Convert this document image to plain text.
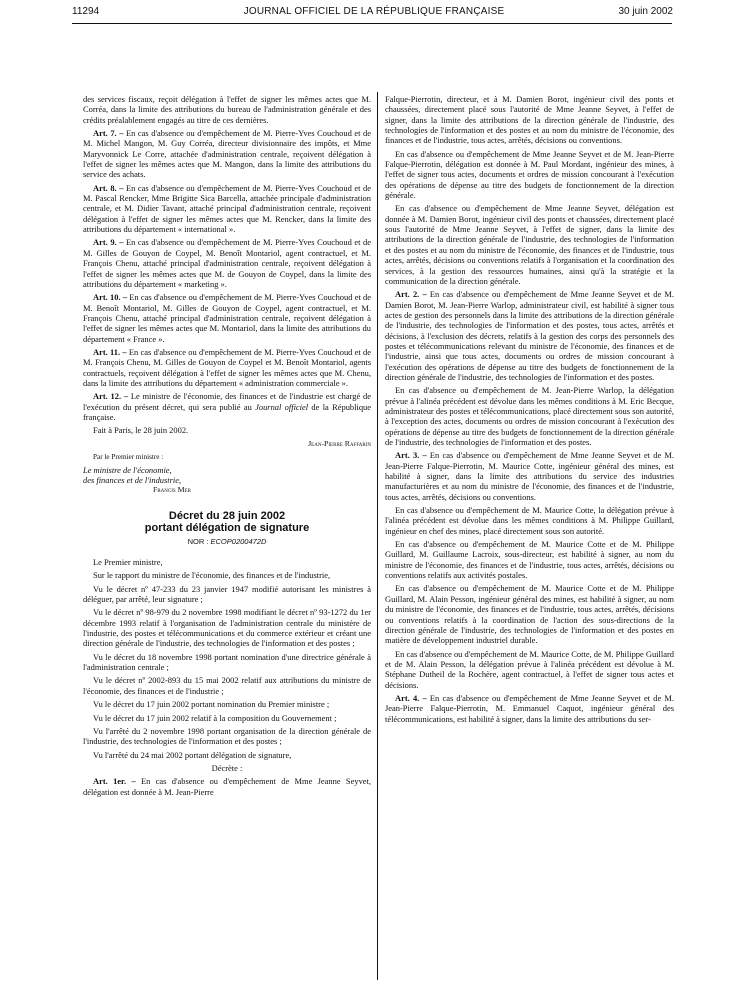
11294	JOURNAL OFFICIEL DE LA RÉPUBLIQUE FRANÇAISE	30 juin 2002

des services fiscaux, reçoit délégation à l'effet de signer les mêmes actes que M. Corréa, dans la limite des attributions du bureau de l'administration générale et des crédits préalablement engagés au titre de ces dernières.

Art. 7. – En cas d'absence ou d'empêchement de M. Pierre-Yves Couchoud et de M. Michel Mangon, M. Guy Corréa, directeur divisionnaire des impôts, et Mme Maryvonnick Le Corre, attachée d'administration centrale, reçoivent délégation à l'effet de signer les mêmes actes que M. Mangon, dans la limite des attributions du service des achats.

Art. 8. – En cas d'absence ou d'empêchement de M. Pierre-Yves Couchoud et de M. Pascal Rencker, Mme Brigitte Sica Barcella, attachée principale d'administration centrale, et M. Didier Tavant, attaché principal d'administration centrale, reçoivent délégation à l'effet de signer les mêmes actes que M. Rencker, dans la limite des attributions du département « international ».

Art. 9. – En cas d'absence ou d'empêchement de M. Pierre-Yves Couchoud et de M. Gilles de Gouyon de Coypel, M. Benoît Montariol, agent contractuel, et M. François Chenu, attaché principal d'administration centrale, reçoivent délégation à l'effet de signer les mêmes actes que M. de Gouyon de Coypel, dans la limite des attributions du département « marketing ».

Art. 10. – En cas d'absence ou d'empêchement de M. Pierre-Yves Couchoud et de M. Benoît Montariol, M. Gilles de Gouyon de Coypel, agent contractuel, et M. François Chenu, attaché principal d'administration centrale, reçoivent délégation à l'effet de signer les mêmes actes que M. Montariol, dans la limite des attributions du département « France ».

Art. 11. – En cas d'absence ou d'empêchement de M. Pierre-Yves Couchoud et de M. François Chenu, M. Gilles de Gouyon de Coypel et M. Benoît Montariol, agents contractuels, reçoivent délégation à l'effet de signer les mêmes actes que M. Chenu, dans la limite des attributions du département « administration commerciale ».

Art. 12. – Le ministre de l'économie, des finances et de l'industrie est chargé de l'exécution du présent décret, qui sera publié au Journal officiel de la République française.

Fait à Paris, le 28 juin 2002.

Jean-Pierre Raffarin

Par le Premier ministre :

Le ministre de l'économie,

des finances et de l'industrie,

Francis Mer

Décret du 28 juin 2002
portant délégation de signature
NOR : ECOP0200472D

Le Premier ministre,

Sur le rapport du ministre de l'économie, des finances et de l'industrie,

Vu le décret nº 47-233 du 23 janvier 1947 modifié autorisant les ministres à déléguer, par arrêté, leur signature ;

Vu le décret nº 98-979 du 2 novembre 1998 modifiant le décret nº 93-1272 du 1er décembre 1993 relatif à l'organisation de l'administration centrale du ministère de l'industrie, des postes et télécommunications et du commerce extérieur et créant une direction générale de l'industrie, des technologies de l'information et des postes ;

Vu le décret du 18 novembre 1998 portant nomination d'une directrice générale à l'administration centrale ;

Vu le décret nº 2002-893 du 15 mai 2002 relatif aux attributions du ministre de l'économie, des finances et de l'industrie ;

Vu le décret du 17 juin 2002 portant nomination du Premier ministre ;

Vu le décret du 17 juin 2002 relatif à la composition du Gouvernement ;

Vu l'arrêté du 2 novembre 1998 portant organisation de la direction générale de l'industrie, des technologies de l'information et des postes ;

Vu l'arrêté du 24 mai 2002 portant délégation de signature,

Décrète :

Art. 1er. – En cas d'absence ou d'empêchement de Mme Jeanne Seyvet, délégation est donnée à M. Jean-Pierre

Falque-Pierrotin, directeur, et à M. Damien Borot, ingénieur civil des ponts et chaussées, directement placé sous l'autorité de Mme Jeanne Seyvet, à l'effet de signer, dans la limite des attributions de la direction générale de l'industrie, des technologies de l'information et des postes et au nom du ministre de l'économie, des finances et de l'industrie, tous actes, arrêtés, décisions ou conventions.

En cas d'absence ou d'empêchement de Mme Jeanne Seyvet et de M. Jean-Pierre Falque-Pierrotin, délégation est donnée à M. Paul Mordant, ingénieur des mines, à l'effet de signer tous actes, documents et ordres de mission concourant à l'exécution des opérations de dépense au titre des budgets de fonctionnement de la direction générale.

En cas d'absence ou d'empêchement de Mme Jeanne Seyvet, délégation est donnée à M. Damien Borot, ingénieur civil des ponts et chaussées, directement placé sous l'autorité de Mme Jeanne Seyvet, à l'effet de signer, dans la limite des attributions de la direction générale de l'industrie, des technologies de l'information et des postes et au nom du ministre de l'économie, des finances et de l'industrie, tous actes, arrêtés, décisions ou conventions relatifs à l'organisation et la coordination des services, à la gestion des ressources humaines, ainsi qu'à la stratégie et la communication de la direction générale.

Art. 2. – En cas d'absence ou d'empêchement de Mme Jeanne Seyvet et de M. Damien Borot, M. Jean-Pierre Warlop, administrateur civil, est habilité à signer tous actes de gestion des personnels dans la limite des attributions de la direction générale de l'industrie, des technologies de l'information et des postes, tous actes, arrêtés et décisions, à l'exclusion des décrets, relatifs à la gestion des corps des personnels des postes et télécommunications relevant du ministre de l'économie, des finances et de l'industrie, ainsi que tous actes, documents ou ordres de mission concourant à l'exécution des opérations de dépense au titre des budgets de fonctionnement de la direction générale de l'industrie, des technologies de l'information et des postes.

En cas d'absence ou d'empêchement de M. Jean-Pierre Warlop, la délégation prévue à l'alinéa précédent est dévolue dans les mêmes conditions à M. Eric Becque, administrateur des postes et télécommunications, placé directement sous son autorité, à l'exception des actes, documents ou ordres de mission concourant à l'exécution des opérations de dépense au titre des budgets de fonctionnement de la direction générale de l'industrie, des technologies de l'information et des postes.

Art. 3. – En cas d'absence ou d'empêchement de Mme Jeanne Seyvet et de M. Jean-Pierre Falque-Pierrotin, M. Maurice Cotte, ingénieur général des mines, est habilité à signer, dans la limite des attributions du service des industries manufacturières et au nom du ministre de l'économie, des finances et de l'industrie, tous actes, arrêtés, décisions ou conventions.

En cas d'absence ou d'empêchement de M. Maurice Cotte, la délégation prévue à l'alinéa précédent est dévolue dans les mêmes conditions à M. Philippe Guillard, ingénieur en chef des mines, placé directement sous son autorité.

En cas d'absence ou d'empêchement de M. Maurice Cotte et de M. Philippe Guillard, M. Guillaume Lacroix, sous-directeur, est habilité à signer, au nom du ministre de l'économie, des finances et de l'industrie, tous actes, arrêtés, décisions ou conventions relatifs aux activités postales.

En cas d'absence ou d'empêchement de M. Maurice Cotte et de M. Philippe Guillard, M. Alain Pesson, ingénieur général des mines, est habilité à signer, au nom du ministre de l'économie, des finances et de l'industrie, tous actes, arrêtés, décisions ou conventions relatifs à la coordination de l'action des sous-directions de la direction générale de l'industrie, des technologies de l'information et des postes en matière de développement industriel durable.

En cas d'absence ou d'empêchement de M. Maurice Cotte, de M. Philippe Guillard et de M. Alain Pesson, la délégation prévue à l'alinéa précédent est dévolue à M. Stéphane Dutheil de la Rochère, agent contractuel, à l'effet de signer tous actes et décisions.

Art. 4. – En cas d'absence ou d'empêchement de Mme Jeanne Seyvet et de M. Jean-Pierre Falque-Pierrotin, M. Emmanuel Caquot, ingénieur général des télécommunications, est habilité à signer, dans la limite des attributions du ser-
